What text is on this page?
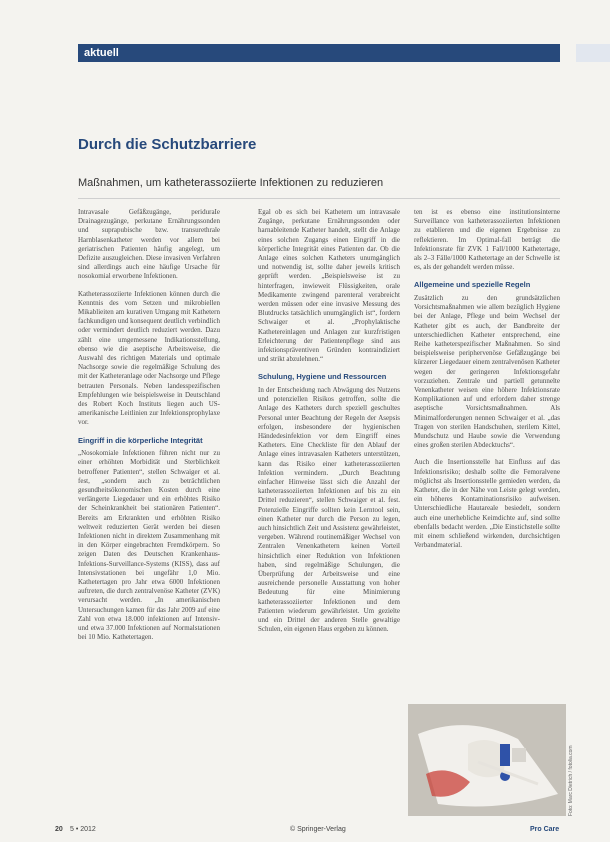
aktuell
Durch die Schutzbarriere
Maßnahmen, um katheterassoziierte Infektionen zu reduzieren

Intravasale Gefäßzugänge, periduraIe Drainagezugänge, perkutane Ernährungssonden und suprapubische bzw. transurethrale Harnblasenkatheter werden vor allem bei geriatrischen Patienten häufig angelegt, um Defizite auszugleichen. Diese invasiven Verfahren sind allerdings auch eine häufige Ursache für nosokomial erworbene Infektionen.

Katheterassoziierte Infektionen können durch die Kenntnis des vom Setzen und mikrobiellen Mikablieiten am kurativen Umgang mit Kathetern fachkundigen und konsequent deutlich verbindlich oder vermindert deutlich reduziert werden. Dazu zählt eine umgemessene Indikationsstellung, ebenso wie die aseptische Arbeitsweise, die Auswahl des richtigen Materials und optimale Nachsorge sowie die regelmäßige Schulung des mit der Katheteranlage oder Nachsorge und Pflege betrauten Personals. Neben landesspezifischen Empfehlungen wie beispielsweise in Deutschland des Robert Koch Instituts liegen auch US-amerikanische Leitlinien zur Infektionsprophylaxe vor.

Eingriff in die körperliche Integrität

„Nosokomiale Infektionen führen nicht nur zu einer erhöhten Morbidität und Sterblichkeit betroffener Patienten“, stellen Schwaiger et al. fest, „sondern auch zu beträchtlichen gesundheitsökonomischen Kosten durch eine verlängerte Liegedauer und ein erhöhtes Risiko der Scheinkrankheit bei stationären Patienten“. Bereits am Erkrankten und erhöhten Risiko weltweit reduzierten Gerät werden bei diesen Infektionen nicht in direktem Zusammenhang mit in den Körper eingebrachten Fremdkörpern. So zeigen Daten des Deutschen Krankenhaus-Infektions-Surveillance-Systems (KISS), dass auf Intensivstationen bei ungefähr 1,0 Mio. Kathetertagen pro Jahr etwa 6000 Infektionen auftreten, die durch zentralvenöse Katheter (ZVK) verursacht werden. „In amerikanischen Untersuchungen kamen für das Jahr 2009 auf eine Zahl von etwa 18.000 infektionen auf Intensiv- und etwa 37.000 Infektionen auf Normalstationen bei 10 Mio. Kathetertagen.

Egal ob es sich bei Kathetern um intravasale Zugänge, perkutane Ernährungssonden oder harnableitende Katheter handelt, stellt die Anlage eines solchen Zugangs einen Eingriff in die körperliche Integrität eines Patienten dar. Ob die Anlage eines solchen Katheters unumgänglich und notwendig ist, sollte daher jeweils kritisch geprüft werden. „Beispielsweise ist zu hinterfragen, inwieweit Flüssigkeiten, orale Medikamente zwingend parenteral verabreicht werden müssen oder eine invasive Messung des Blutdrucks tatsächlich unumgänglich ist“, fordern Schwaiger et al. „Prophylaktische Kathetereinlagen und Anlagen zur kurzfristigen Erleichterung der Patientenpflege sind aus infektionspräventiven Gründen kontraindiziert und strikt abzulehnen.“

Schulung, Hygiene und Ressourcen

In der Entscheidung nach Abwägung des Nutzens und potenziellen Risikos getroffen, sollte die Anlage des Katheters durch speziell geschultes Personal unter Beachtung der Regeln der Asepsis erfolgen, insbesondere der hygienischen Händedesinfektion vor dem Eingriff eines Katheters. Eine Checkliste für den Ablauf der Anlage eines intravasalen Katheters unterstützen, kann das Risiko einer katheterassoziierten Infektion vermindern. „Durch Beachtung einfacher Hinweise lässt sich die Anzahl der katheterassoziierten Infektionen auf bis zu ein Drittel reduzieren“, stellen Schwaiger et al. fest. Potenzielle Eingriffe sollten kein Lerntool sein, einen Katheter nur durch die Person zu legen, auch hinsichtlich Zeit und Assistenz gewährleistet, vergeben. Während routinemäßiger Wechsel von Zentralen Venenkathetern keinen Vorteil hinsichtlich einer Reduktion von Infektionen haben, sind regelmäßige Schulungen, die Überprüfung der Arbeitsweise und eine ausreichende personelle Ausstattung von hoher Bedeutung für eine Minimierung katheterassoziierter Infektionen und dem Patienten wiederum gewährleistet. Um gezielte und ein Drittel der anderen Stelle gewaltige Schulen, ein eigenen Haus ergeben zu können.

ten ist es ebenso eine institutionsinterne Surveillance von katheterassoziierten Infektionen zu etablieren und die eigenen Ergebnisse zu reflektieren. Im Optimal-fall beträgt die Infektionsrate für ZVK 1 Fall/1000 Kathetertage, als 2–3 Fälle/1000 Kathetertage an der Schwelle ist es, als der gehandelt werden müsse.

Allgemeine und spezielle Regeln

Zusätzlich zu den grundsätzlichen Vorsichtsmaßnahmen wie allem bezüglich Hygiene bei der Anlage, Pflege und beim Wechsel der Katheter gibt es auch, der Bandbreite der unterschiedlichen Katheter entsprechend, eine Reihe katheterspezifischer Maßnahmen. So sind beispielsweise periphervenöse Gefäßzugänge bei kürzerer Liegedauer einem zentralvenösen Katheter wegen der geringeren Infektionsgefahr vorzuziehen. Zentrale und partiell getunnelte Venenkatheter weisen eine höhere Infektionsrate Komplikationen auf und erfordern daher strenge aseptische Vorsichtsmaßnahmen. Als Minimalforderungen nennen Schwaiger et al. „das Tragen von sterilen Handschuhen, sterilem Kittel, Mundschutz und Haube sowie die Verwendung eines großen sterilen Abdecktuchs“.

Auch die Insertionsstelle hat Einfluss auf das Infektionsrisiko; deshalb sollte die Femoralvene möglichst als Insertionsstelle gemieden werden, da Katheter, die in der Nähe von Leiste gelegt werden, ein höheres Kontaminationsrisiko aufweisen. Unterschiedliche Hautareale besiedelt, sondern auch eine unerhebliche Keimdichte auf, sind sollte ebenfalls bedacht werden. „Die Einstichstelle sollte mit einem schließend wirkenden, durchsichtigen Verbandmaterial.

Foto: Marc Dietrich / fotolia.com
20 5 • 2012	© Springer-Verlag	Pro Care
